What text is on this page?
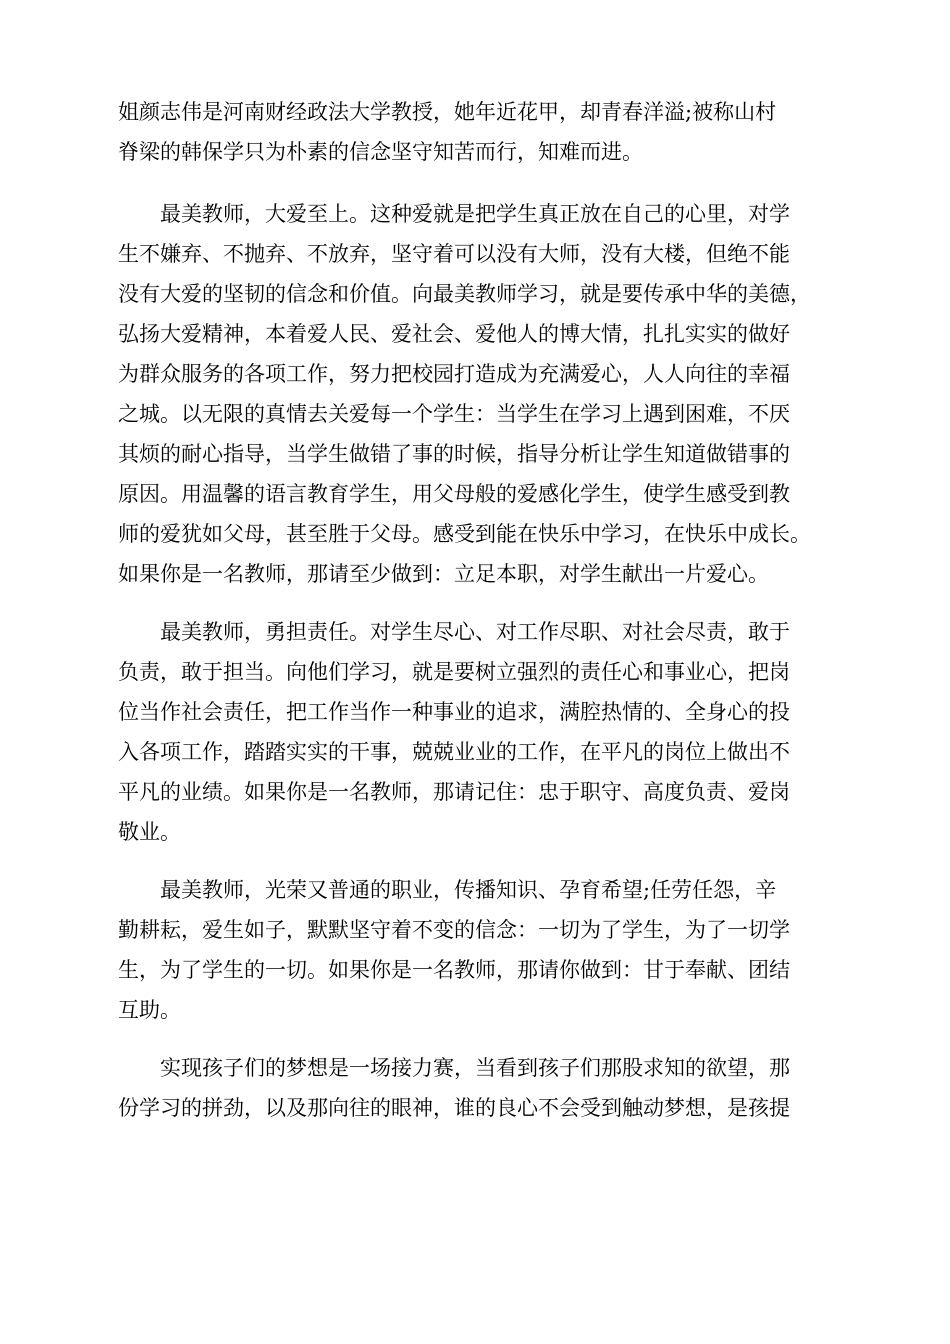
姐颜志伟是河南财经政法大学教授，她年近花甲，却青春洋溢;被称山村
脊梁的韩保学只为朴素的信念坚守知苦而行，知难而进。
　　最美教师，大爱至上。这种爱就是把学生真正放在自己的心里，对学
生不嫌弃、不抛弃、不放弃，坚守着可以没有大师，没有大楼，但绝不能
没有大爱的坚韧的信念和价值。向最美教师学习，就是要传承中华的美德，
弘扬大爱精神，本着爱人民、爱社会、爱他人的博大情，扎扎实实的做好
为群众服务的各项工作，努力把校园打造成为充满爱心，人人向往的幸福
之城。以无限的真情去关爱每一个学生：当学生在学习上遇到困难，不厌
其烦的耐心指导，当学生做错了事的时候，指导分析让学生知道做错事的
原因。用温馨的语言教育学生，用父母般的爱感化学生，使学生感受到教
师的爱犹如父母，甚至胜于父母。感受到能在快乐中学习，在快乐中成长。
如果你是一名教师，那请至少做到：立足本职，对学生献出一片爱心。
　　最美教师，勇担责任。对学生尽心、对工作尽职、对社会尽责，敢于
负责，敢于担当。向他们学习，就是要树立强烈的责任心和事业心，把岗
位当作社会责任，把工作当作一种事业的追求，满腔热情的、全身心的投
入各项工作，踏踏实实的干事，兢兢业业的工作，在平凡的岗位上做出不
平凡的业绩。如果你是一名教师，那请记住：忠于职守、高度负责、爱岗
敬业。
　　最美教师，光荣又普通的职业，传播知识、孕育希望;任劳任怨，辛
勤耕耘，爱生如子，默默坚守着不变的信念：一切为了学生，为了一切学
生，为了学生的一切。如果你是一名教师，那请你做到：甘于奉献、团结
互助。
　　实现孩子们的梦想是一场接力赛，当看到孩子们那股求知的欲望，那
份学习的拼劲，以及那向往的眼神，谁的良心不会受到触动梦想，是孩提
